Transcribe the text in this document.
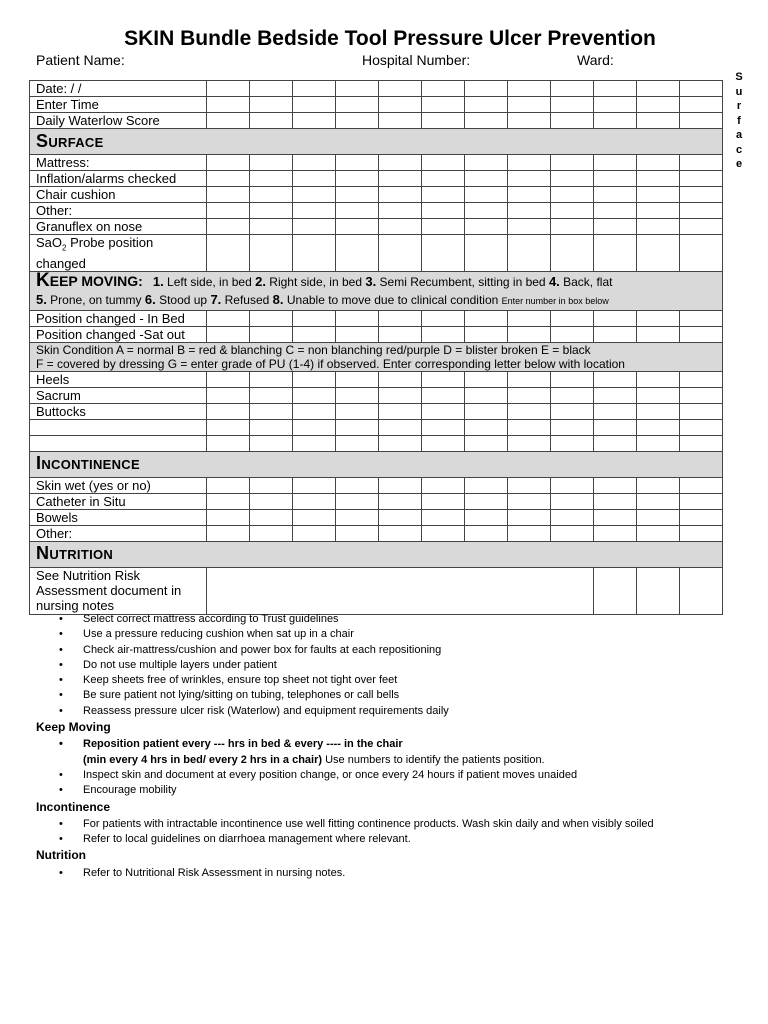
SKIN Bundle Bedside Tool Pressure Ulcer Prevention
Patient Name:	Hospital Number:	Ward:
S
u
r
f
a
c
e
Date: / /												
Enter Time												
Daily Waterlow Score												
SURFACE												
Mattress:												
Inflation/alarms checked												
Chair cushion												
Other:												
Granuflex on nose												
SaO$_2$ Probe position
changed												
KEEP MOVING: 1. Left side, in bed 2. Right side, in bed 3. Semi Recumbent, sitting in bed 4. Back, flat
5. Prone, on tummy 6. Stood up 7. Refused 8. Unable to move due to clinical condition Enter number in box below												
Position changed - In Bed												
Position changed -Sat out												
Skin Condition A = normal B = red & blanching C = non blanching red/purple D = blister broken E = black
F = covered by dressing G = enter grade of PU (1-4) if observed. Enter corresponding letter below with location												
Heels												
Sacrum												
Buttocks												

INCONTINENCE												
Skin wet (yes or no)												
Catheter in Situ												
Bowels												
Other:												
NUTRITION												
See Nutrition Risk
Assessment document in
nursing notes												
• Select correct mattress according to Trust guidelines
• Use a pressure reducing cushion when sat up in a chair
• Check air-mattress/cushion and power box for faults at each repositioning
• Do not use multiple layers under patient
• Keep sheets free of wrinkles, ensure top sheet not tight over feet
• Be sure patient not lying/sitting on tubing, telephones or call bells
• Reassess pressure ulcer risk (Waterlow) and equipment requirements daily
Keep Moving
• Reposition patient every --- hrs in bed & every ---- in the chair
(min every 4 hrs in bed/ every 2 hrs in a chair) Use numbers to identify the patients position.
• Inspect skin and document at every position change, or once every 24 hours if patient moves unaided
• Encourage mobility
Incontinence
• For patients with intractable incontinence use well fitting continence products. Wash skin daily and when visibly soiled
• Refer to local guidelines on diarrhoea management where relevant.
Nutrition
• Refer to Nutritional Risk Assessment in nursing notes.
